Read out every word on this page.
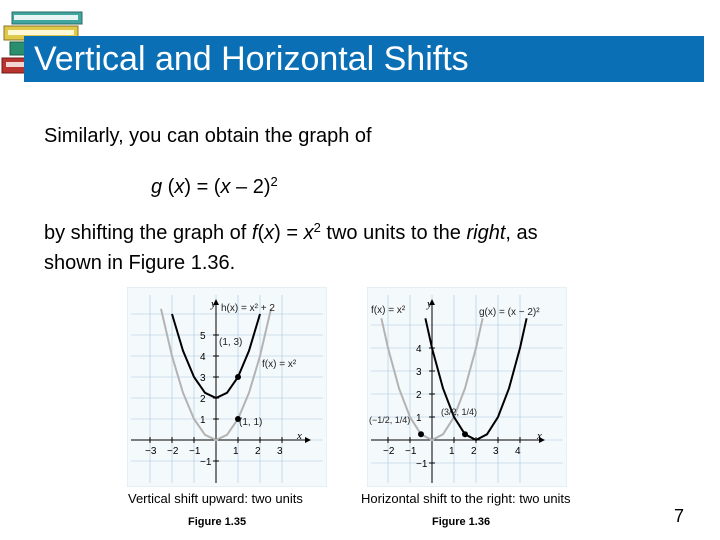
Vertical and Horizontal Shifts
Similarly, you can obtain the graph of
g (x) = (x – 2)$^2$
by shifting the graph of $f(x) = x^2$ two units to the right, as
shown in Figure 1.36.
−3 −2 −1	1 2 3
5
4
3
2
1
−1
y
x
h(x) = x² + 2
f(x) = x²
(1, 3)
(1, 1)
−2 −1	1 2 3 4
4
3
2
1
−1
y
x
f(x) = x²	g(x) = (x − 2)²
(3/2, 1/4)
(−1/2, 1/4)
Vertical shift upward: two units	Horizontal shift to the right: two units
Figure 1.35	Figure 1.36	7
